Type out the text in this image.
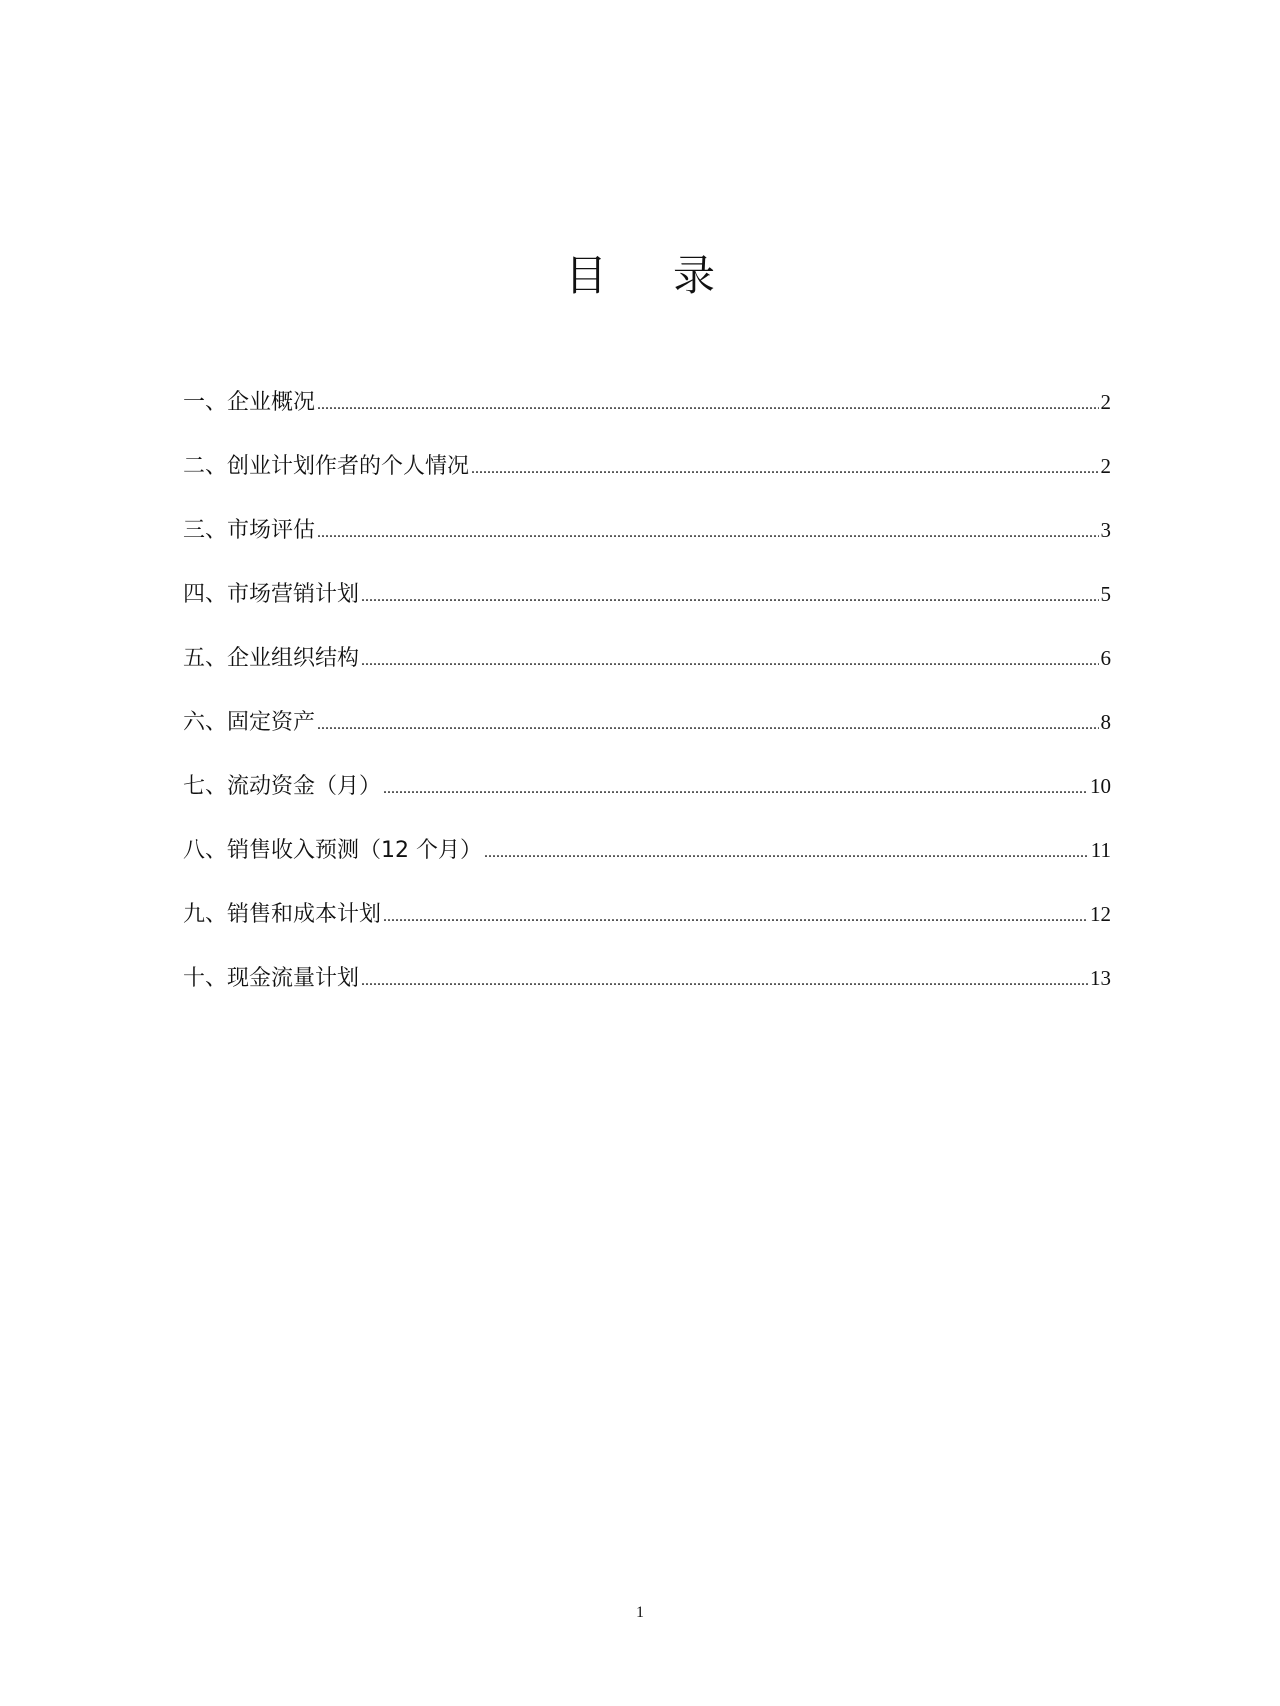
目录
一、企业概况 .....	2
二、创业计划作者的个人情况 .....	2
三、市场评估 .....	3
四、市场营销计划 .....	5
五、企业组织结构 .....	6
六、固定资产 .....	8
七、流动资金（月） .....	10
八、销售收入预测（12 个月） .....	11
九、销售和成本计划 .....	12
十、现金流量计划 .....	13
1
